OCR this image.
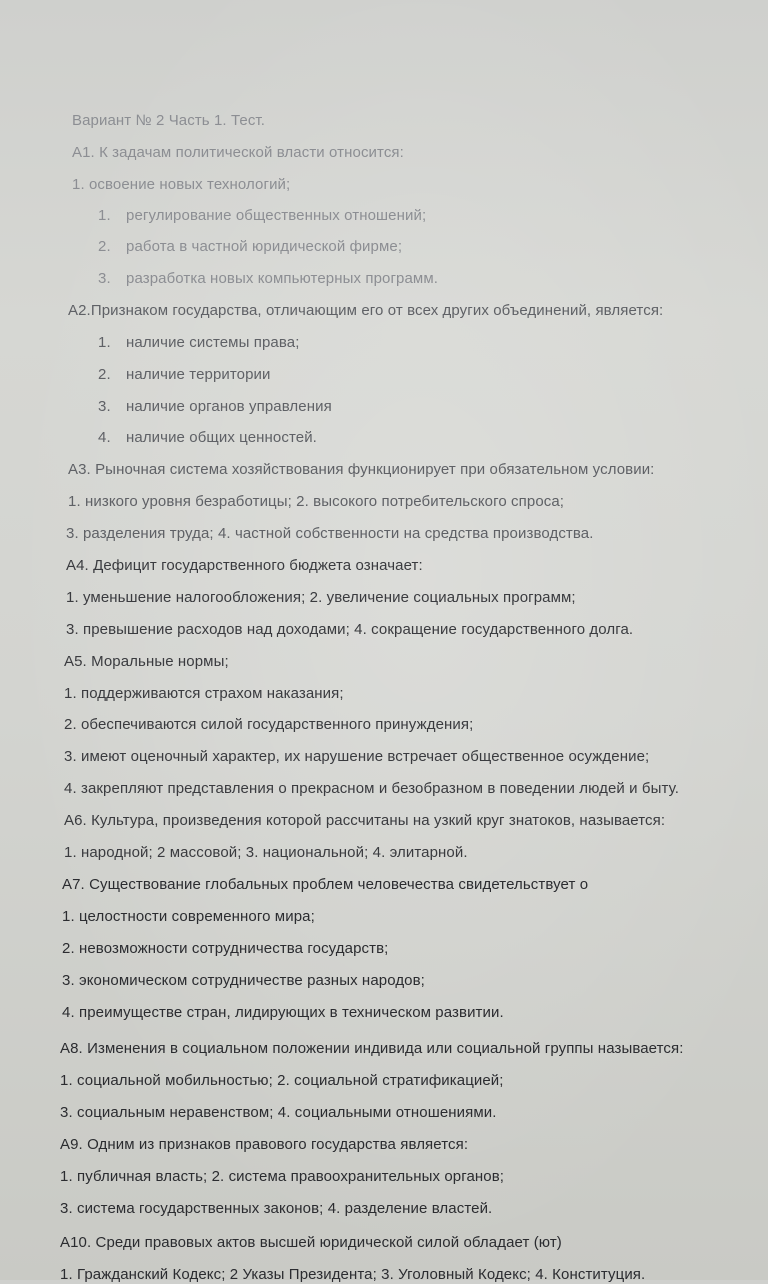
Вариант № 2 Часть 1. Тест.
А1. К задачам политической власти относится:
1. освоение новых технологий;
1. регулирование общественных отношений;
2. работа в частной юридической фирме;
3. разработка новых компьютерных программ.
А2.Признаком государства, отличающим его от всех других объединений, является:
1. наличие системы права;
2. наличие территории
3. наличие органов управления
4. наличие общих ценностей.
А3. Рыночная система хозяйствования функционирует при обязательном условии:
1. низкого уровня безработицы; 2. высокого потребительского спроса;
3. разделения труда; 4. частной собственности на средства производства.
А4. Дефицит государственного бюджета означает:
1. уменьшение налогообложения; 2. увеличение социальных программ;
3. превышение расходов над доходами; 4. сокращение государственного долга.
А5. Моральные нормы;
1. поддерживаются страхом наказания;
2. обеспечиваются силой государственного принуждения;
3. имеют оценочный характер, их нарушение встречает общественное осуждение;
4. закрепляют представления о прекрасном и безобразном в поведении людей и быту.
А6. Культура, произведения которой рассчитаны на узкий круг знатоков, называется:
1. народной; 2 массовой; 3. национальной; 4. элитарной.
А7. Существование глобальных проблем человечества свидетельствует о
1. целостности современного мира;
2. невозможности сотрудничества государств;
3. экономическом сотрудничестве разных народов;
4. преимуществе стран, лидирующих в техническом развитии.
А8. Изменения в социальном положении индивида или социальной группы называется:
1. социальной мобильностью; 2. социальной стратификацией;
3. социальным неравенством; 4. социальными отношениями.
А9. Одним из признаков правового государства является:
1. публичная власть; 2. система правоохранительных органов;
3. система государственных законов; 4. разделение властей.
А10. Среди правовых актов высшей юридической силой обладает (ют)
1. Гражданский Кодекс; 2 Указы Президента; 3. Уголовный Кодекс; 4. Конституция.
